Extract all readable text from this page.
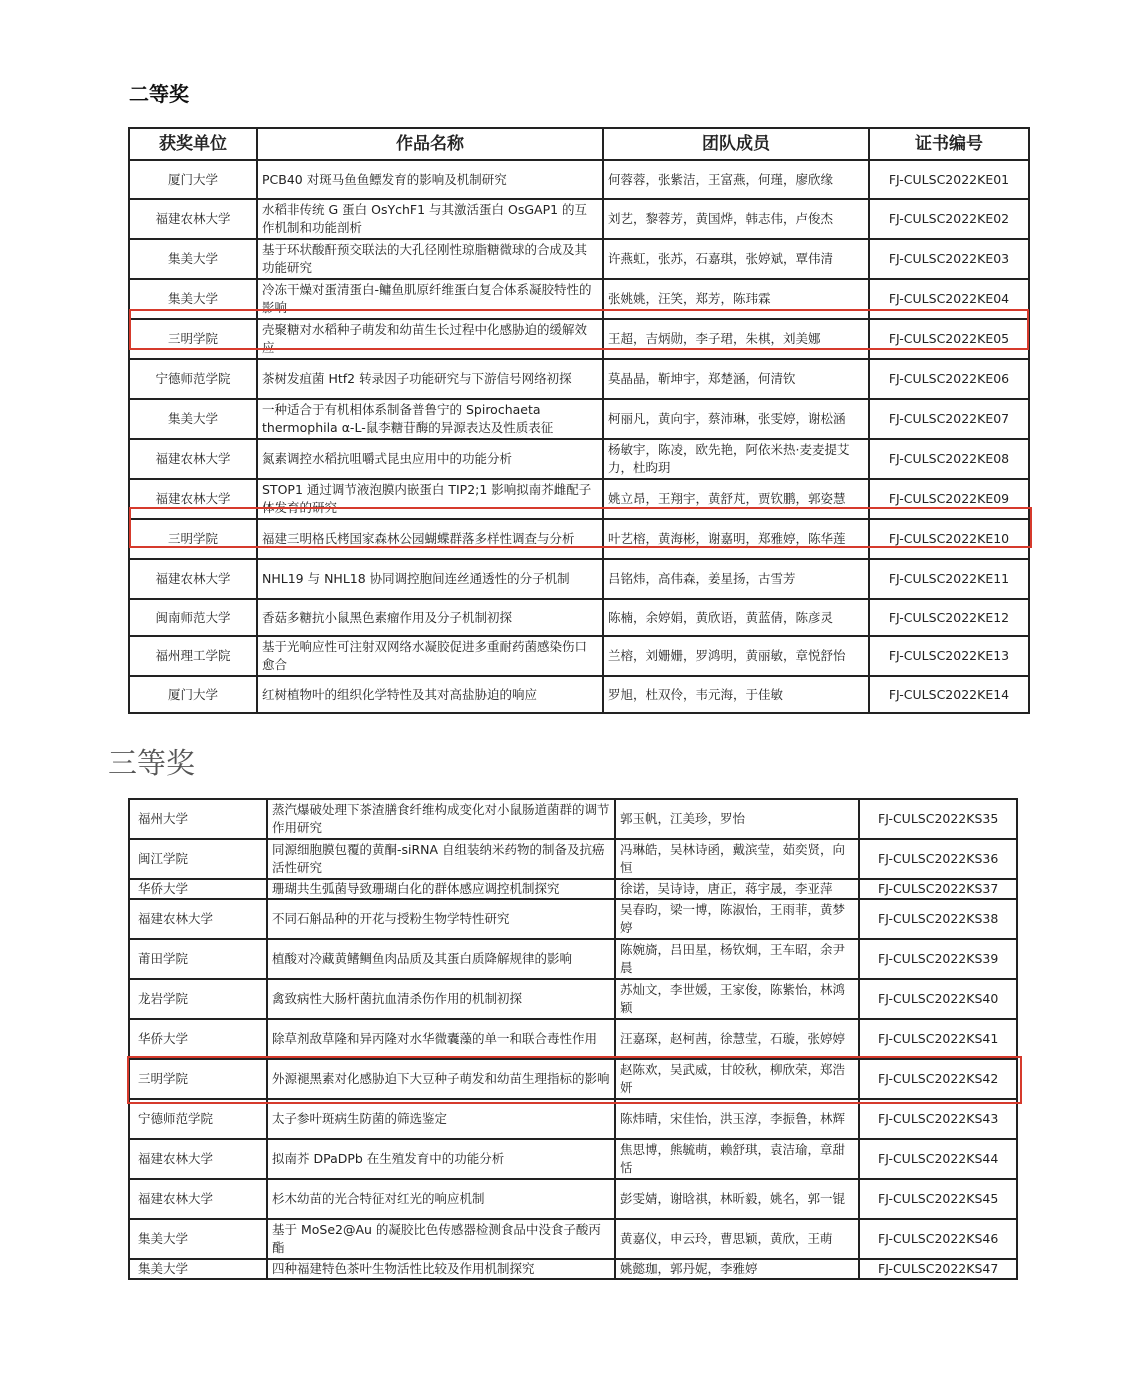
二等奖
获奖单位	作品名称	团队成员	证书编号
厦门大学	PCB40 对斑马鱼鱼鳔发育的影响及机制研究	何蓉蓉，张紫洁，王富燕，何瑾，廖欣缘	FJ-CULSC2022KE01
福建农林大学	水稻非传统 G 蛋白 OsYchF1 与其激活蛋白 OsGAP1 的互作机制和功能剖析	刘艺，黎蓉芳，黄国烨，韩志伟，卢俊杰	FJ-CULSC2022KE02
集美大学	基于环状酸酐预交联法的大孔径刚性琼脂糖微球的合成及其功能研究	许燕虹，张苏，石嘉琪，张婷斌，覃伟清	FJ-CULSC2022KE03
集美大学	冷冻干燥对蛋清蛋白-鳙鱼肌原纤维蛋白复合体系凝胶特性的影响	张姚姚，汪笑，郑芳，陈玮霖	FJ-CULSC2022KE04
三明学院	壳聚糖对水稻种子萌发和幼苗生长过程中化感胁迫的缓解效应	王超，吉炳勋，李子珺，朱棋，刘美娜	FJ-CULSC2022KE05
宁德师范学院	茶树发疽菌 Htf2 转录因子功能研究与下游信号网络初探	莫晶晶，靳坤宇，郑楚涵，何清钦	FJ-CULSC2022KE06
集美大学	一种适合于有机相体系制备普鲁宁的 Spirochaeta thermophila α-L-鼠李糖苷酶的异源表达及性质表征	柯丽凡，黄向宇，蔡沛琳，张雯婷，谢松涵	FJ-CULSC2022KE07
福建农林大学	氮素调控水稻抗咀嚼式昆虫应用中的功能分析	杨敏宇，陈凌，欧先艳，阿依米热·麦麦提艾力，杜昀玥	FJ-CULSC2022KE08
福建农林大学	STOP1 通过调节液泡膜内嵌蛋白 TIP2;1 影响拟南芥雌配子体发育的研究	姚立昂，王翔宇，黄舒芃，贾钦鹏，郭姿慧	FJ-CULSC2022KE09
三明学院	福建三明格氏栲国家森林公园蝴蝶群落多样性调查与分析	叶艺榕，黄海彬，谢嘉明，郑雅婷，陈华莲	FJ-CULSC2022KE10
福建农林大学	NHL19 与 NHL18 协同调控胞间连丝通透性的分子机制	吕铭炜，高伟森，姜星扬，古雪芳	FJ-CULSC2022KE11
闽南师范大学	香菇多糖抗小鼠黑色素瘤作用及分子机制初探	陈楠，余婷娟，黄欣语，黄蓝倩，陈彦灵	FJ-CULSC2022KE12
福州理工学院	基于光响应性可注射双网络水凝胶促进多重耐药菌感染伤口愈合	兰榕，刘姗姗，罗鸿明，黄丽敏，章悦舒怡	FJ-CULSC2022KE13
厦门大学	红树植物叶的组织化学特性及其对高盐胁迫的响应	罗旭，杜双伶，韦元海，于佳敏	FJ-CULSC2022KE14
三等奖
福州大学	蒸汽爆破处理下茶渣膳食纤维构成变化对小鼠肠道菌群的调节作用研究	郭玉帆，江美珍，罗怡	FJ-CULSC2022KS35
闽江学院	同源细胞膜包覆的黄酮-siRNA 自组装纳米药物的制备及抗癌活性研究	冯琳皓，吴林诗函，戴滨莹，茹奕贤，向恒	FJ-CULSC2022KS36
华侨大学	珊瑚共生弧菌导致珊瑚白化的群体感应调控机制探究	徐诺，吴诗诗，唐正，蒋宇晟，李亚萍	FJ-CULSC2022KS37
福建农林大学	不同石斛品种的开花与授粉生物学特性研究	吴春昀，梁一博，陈淑怡，王雨菲，黄梦婷	FJ-CULSC2022KS38
莆田学院	植酸对冷藏黄鳍鲷鱼肉品质及其蛋白质降解规律的影响	陈婉旖，吕田星，杨钦炯，王车昭，余尹晨	FJ-CULSC2022KS39
龙岩学院	禽致病性大肠杆菌抗血清杀伤作用的机制初探	苏灿文，李世媛，王家俊，陈紫怡，林鸿颖	FJ-CULSC2022KS40
华侨大学	除草剂敌草隆和异丙隆对水华微囊藻的单一和联合毒性作用	汪嘉琛，赵柯茜，徐慧莹，石璇，张婷婷	FJ-CULSC2022KS41
三明学院	外源褪黑素对化感胁迫下大豆种子萌发和幼苗生理指标的影响	赵陈欢，吴武威，甘皎秋，柳欣荣，郑浩妍	FJ-CULSC2022KS42
宁德师范学院	太子参叶斑病生防菌的筛选鉴定	陈炜晴，宋佳怡，洪玉淳，李振鲁，林辉	FJ-CULSC2022KS43
福建农林大学	拟南芥 DPaDPb 在生殖发育中的功能分析	焦思博，熊毓萌，赖舒琪，袁洁瑜，章甜恬	FJ-CULSC2022KS44
福建农林大学	杉木幼苗的光合特征对红光的响应机制	彭雯婧，谢晗祺，林昕毅，姚名，郭一锟	FJ-CULSC2022KS45
集美大学	基于 MoSe2@Au 的凝胶比色传感器检测食品中没食子酸丙酯	黄嘉仪，申云玲，曹思颖，黄欣，王萌	FJ-CULSC2022KS46
集美大学	四种福建特色茶叶生物活性比较及作用机制探究	姚懿珈，郭丹妮，李雅婷	FJ-CULSC2022KS47
